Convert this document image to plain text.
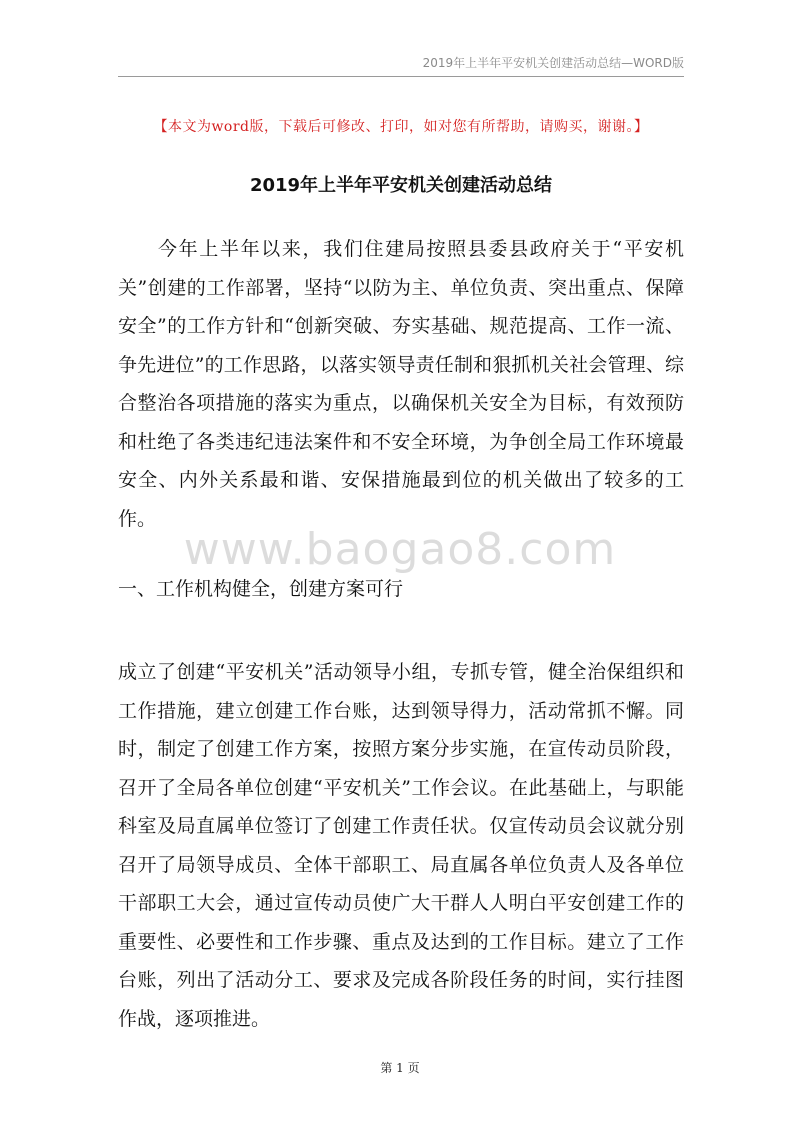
2019年上半年平安机关创建活动总结—WORD版
【本文为word版，下载后可修改、打印，如对您有所帮助，请购买，谢谢。】
2019年上半年平安机关创建活动总结

今年上半年以来，我们住建局按照县委县政府关于“平安机关”创建的工作部署，坚持“以防为主、单位负责、突出重点、保障安全”的工作方针和“创新突破、夯实基础、规范提高、工作一流、争先进位”的工作思路，以落实领导责任制和狠抓机关社会管理、综合整治各项措施的落实为重点，以确保机关安全为目标，有效预防和杜绝了各类违纪违法案件和不安全环境，为争创全局工作环境最安全、内外关系最和谐、安保措施最到位的机关做出了较多的工作。

www.baogao8.com

一、工作机构健全，创建方案可行

成立了创建“平安机关”活动领导小组，专抓专管，健全治保组织和工作措施，建立创建工作台账，达到领导得力，活动常抓不懈。同时，制定了创建工作方案，按照方案分步实施，在宣传动员阶段，召开了全局各单位创建“平安机关”工作会议。在此基础上，与职能科室及局直属单位签订了创建工作责任状。仅宣传动员会议就分别召开了局领导成员、全体干部职工、局直属各单位负责人及各单位干部职工大会，通过宣传动员使广大干群人人明白平安创建工作的重要性、必要性和工作步骤、重点及达到的工作目标。建立了工作台账，列出了活动分工、要求及完成各阶段任务的时间，实行挂图作战，逐项推进。

第 1 页
